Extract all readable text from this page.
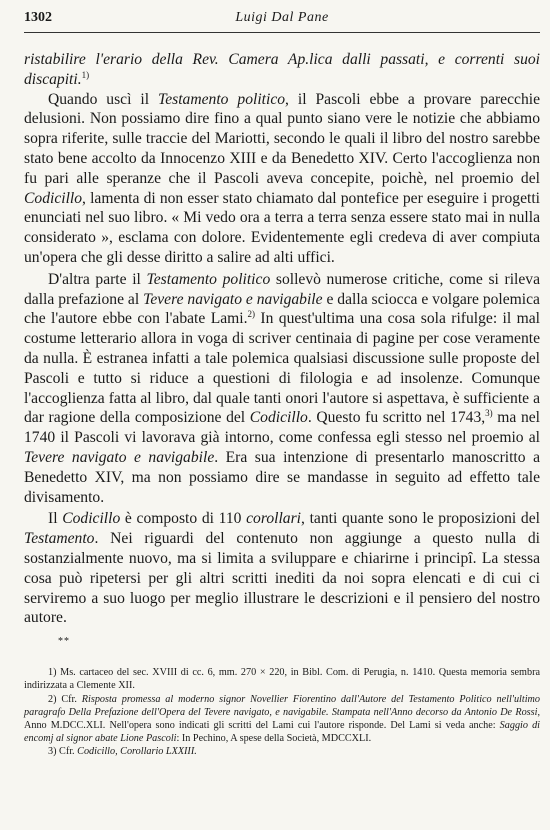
1302	Luigi Dal Pane

ristabilire l'erario della Rev. Camera Ap.lica dalli passati, e correnti suoi discapiti.$^{1)}$

Quando uscì il Testamento politico, il Pascoli ebbe a provare parecchie delusioni. Non possiamo dire fino a qual punto siano vere le notizie che abbiamo sopra riferite, sulle traccie del Mariotti, secondo le quali il libro del nostro sarebbe stato bene accolto da Innocenzo XIII e da Benedetto XIV. Certo l'accoglienza non fu pari alle speranze che il Pascoli aveva concepite, poichè, nel proemio del Codicillo, lamenta di non esser stato chiamato dal pontefice per eseguire i progetti enunciati nel suo libro. « Mi vedo ora a terra a terra senza essere stato mai in nulla considerato », esclama con dolore. Evidentemente egli credeva di aver compiuta un'opera che gli desse diritto a salire ad alti uffici.

D'altra parte il Testamento politico sollevò numerose critiche, come si rileva dalla prefazione al Tevere navigato e navigabile e dalla sciocca e volgare polemica che l'autore ebbe con l'abate Lami.$^{2)}$ In quest'ultima una cosa sola rifulge: il mal costume letterario allora in voga di scriver centinaia di pagine per cose veramente da nulla. È estranea infatti a tale polemica qualsiasi discussione sulle proposte del Pascoli e tutto si riduce a questioni di filologia e ad insolenze. Comunque l'accoglienza fatta al libro, dal quale tanti onori l'autore si aspettava, è sufficiente a dar ragione della composizione del Codicillo. Questo fu scritto nel 1743,$^{3)}$ ma nel 1740 il Pascoli vi lavorava già intorno, come confessa egli stesso nel proemio al Tevere navigato e navigabile. Era sua intenzione di presentarlo manoscritto a Benedetto XIV, ma non possiamo dire se mandasse in seguito ad effetto tale divisamento.

Il Codicillo è composto di 110 corollari, tanti quante sono le proposizioni del Testamento. Nei riguardi del contenuto non aggiunge a questo nulla di sostanzialmente nuovo, ma si limita a sviluppare e chiarirne i principî. La stessa cosa può ripetersi per gli altri scritti inediti da noi sopra elencati e di cui ci serviremo a suo luogo per meglio illustrare le descrizioni e il pensiero del nostro autore.

**

1) Ms. cartaceo del sec. XVIII di cc. 6, mm. 270 × 220, in Bibl. Com. di Perugia, n. 1410. Questa memoria sembra indirizzata a Clemente XII.

2) Cfr. Risposta promessa al moderno signor Novellier Fiorentino dall'Autore del Testamento Politico nell'ultimo paragrafo Della Prefazione dell'Opera del Tevere navigato, e navigabile. Stampata nell'Anno decorso da Antonio De Rossi, Anno M.DCC.XLI. Nell'opera sono indicati gli scritti del Lami cui l'autore risponde. Del Lami si veda anche: Saggio di encomj al signor abate Lione Pascoli: In Pechino, A spese della Società, MDCCXLI.

3) Cfr. Codicillo, Corollario LXXIII.
